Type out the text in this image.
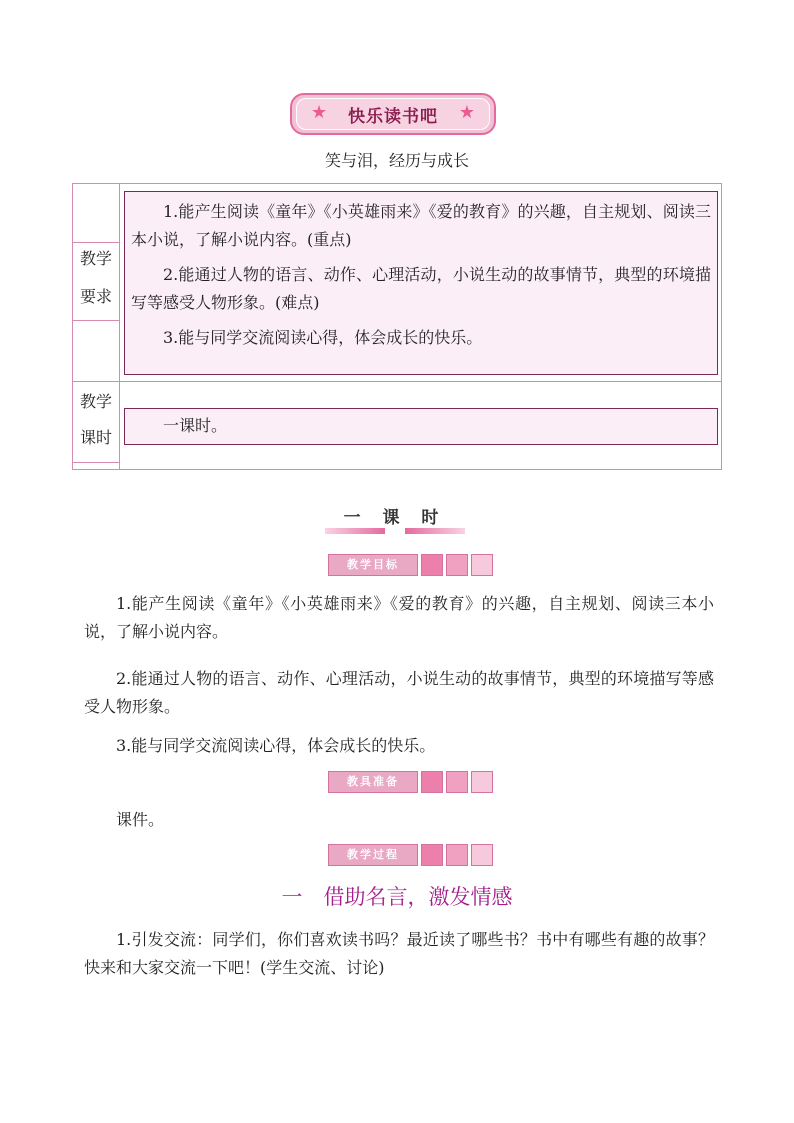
★ 快乐读书吧 ★
笑与泪，经历与成长
教学
要求

1.能产生阅读《童年》《小英雄雨来》《爱的教育》的兴趣，自主规划、阅读三本小说，了解小说内容。(重点)

2.能通过人物的语言、动作、心理活动，小说生动的故事情节，典型的环境描写等感受人物形象。(难点)

3.能与同学交流阅读心得，体会成长的快乐。

教学
课时
一课时。
一 课 时
教学目标

1.能产生阅读《童年》《小英雄雨来》《爱的教育》的兴趣，自主规划、阅读三本小说，了解小说内容。

2.能通过人物的语言、动作、心理活动，小说生动的故事情节，典型的环境描写等感受人物形象。

3.能与同学交流阅读心得，体会成长的快乐。

教具准备

课件。

教学过程
一　借助名言，激发情感

1.引发交流：同学们，你们喜欢读书吗？最近读了哪些书？书中有哪些有趣的故事？快来和大家交流一下吧！(学生交流、讨论)
